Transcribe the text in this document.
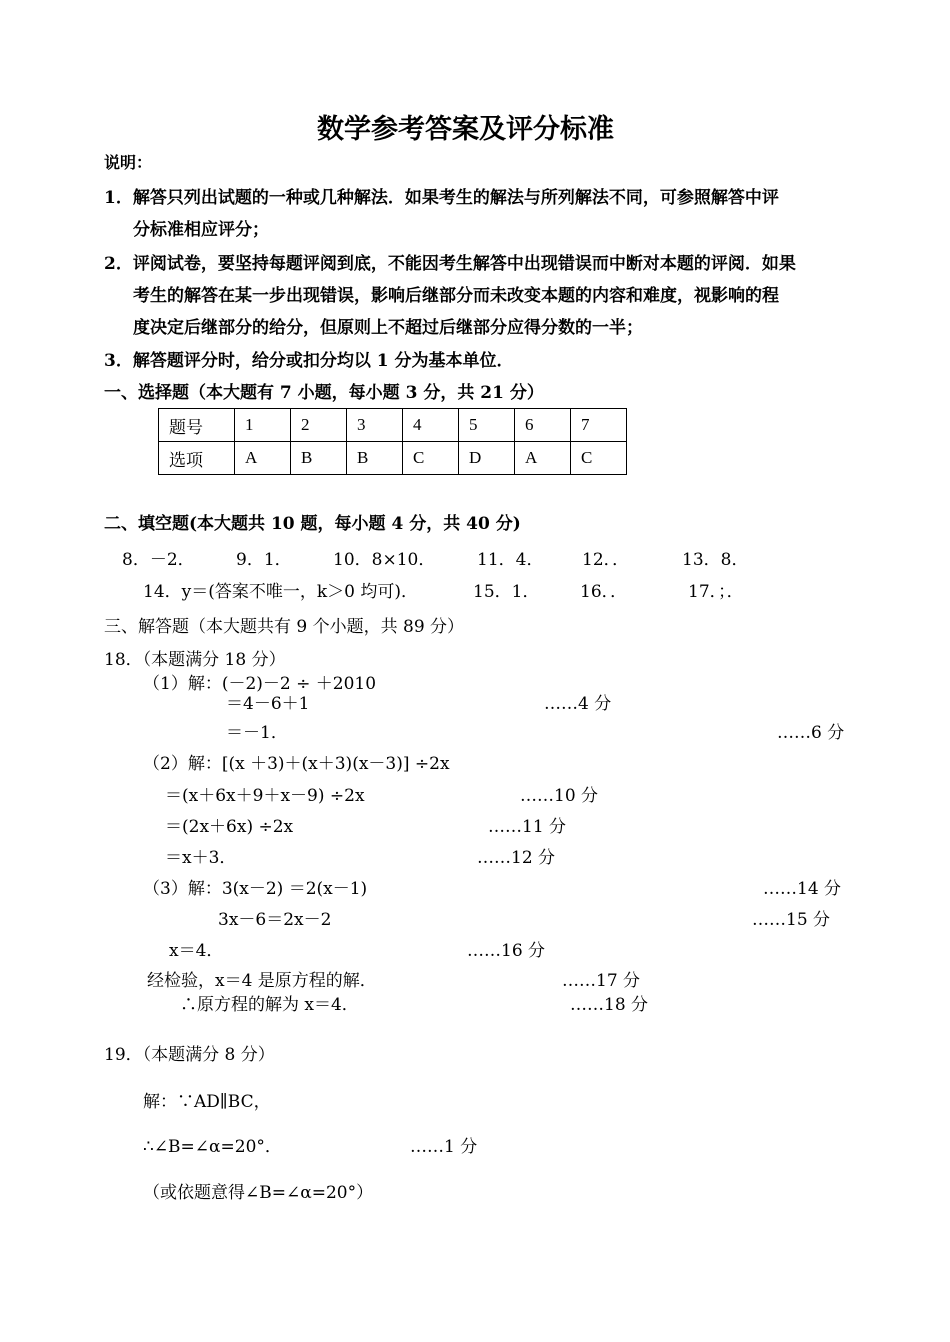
数学参考答案及评分标准
说明：
1．解答只列出试题的一种或几种解法．如果考生的解法与所列解法不同，可参照解答中评
分标准相应评分；
2．评阅试卷，要坚持每题评阅到底，不能因考生解答中出现错误而中断对本题的评阅．如果
考生的解答在某一步出现错误，影响后继部分而未改变本题的内容和难度，视影响的程
度决定后继部分的给分，但原则上不超过后继部分应得分数的一半；
3．解答题评分时，给分或扣分均以 1 分为基本单位．
一、选择题（本大题有 7 小题，每小题 3 分，共 21 分）
题号	1	2	3	4	5	6	7
选项	A	B	B	C	D	A	C
二、填空题(本大题共 10 题，每小题 4 分，共 40 分)
8．－2． 9．1． 10．8×10． 11．4． 12．．	13．8．
14．y＝(答案不唯一，k＞0 均可)．	15．1． 16．．	17．；．
三、解答题（本大题共有 9 个小题，共 89 分）
18．（本题满分 18 分）
（1）解：(－2)－2 ÷ ＋2010
＝4－6＋1	……4 分
＝－1．	……6 分
（2）解：[(x ＋3)＋(x＋3)(x－3)] ÷2x
＝(x＋6x＋9＋x－9) ÷2x	……10 分
＝(2x＋6x) ÷2x	……11 分
＝x＋3．	……12 分
（3）解：3(x－2) ＝2(x－1)	……14 分
3x－6＝2x－2	……15 分
x＝4．	……16 分
经检验，x＝4 是原方程的解．	……17 分
∴原方程的解为 x＝4．	……18 分
19．（本题满分 8 分）
解：∵AD∥BC，
∴∠B=∠α=20°．	……1 分
（或依题意得∠B=∠α=20°）
